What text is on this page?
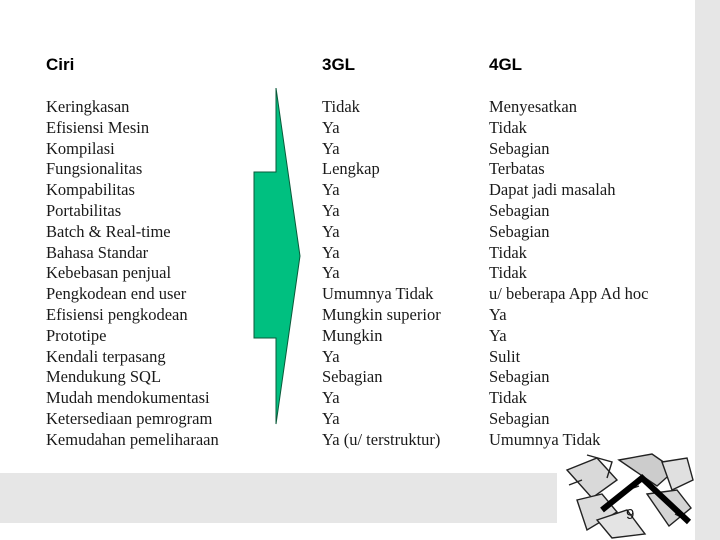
Ciri
Keringkasan
Efisiensi Mesin
Kompilasi
Fungsionalitas
Kompabilitas
Portabilitas
Batch & Real-time
Bahasa Standar
Kebebasan penjual
Pengkodean end user
Efisiensi pengkodean
Prototipe
Kendali terpasang
Mendukung SQL
Mudah mendokumentasi
Ketersediaan pemrogram
Kemudahan pemeliharaan
3GL
Tidak
Ya
Ya
Lengkap
Ya
Ya
Ya
Ya
Ya
Umumnya Tidak
Mungkin superior
Mungkin
Ya
Sebagian
Ya
Ya
Ya (u/ terstruktur)
4GL
Menyesatkan
Tidak
Sebagian
Terbatas
Dapat jadi masalah
Sebagian
Sebagian
Tidak
Tidak
u/ beberapa App Ad hoc
Ya
Ya
Sulit
Sebagian
Tidak
Sebagian
Umumnya Tidak
9
